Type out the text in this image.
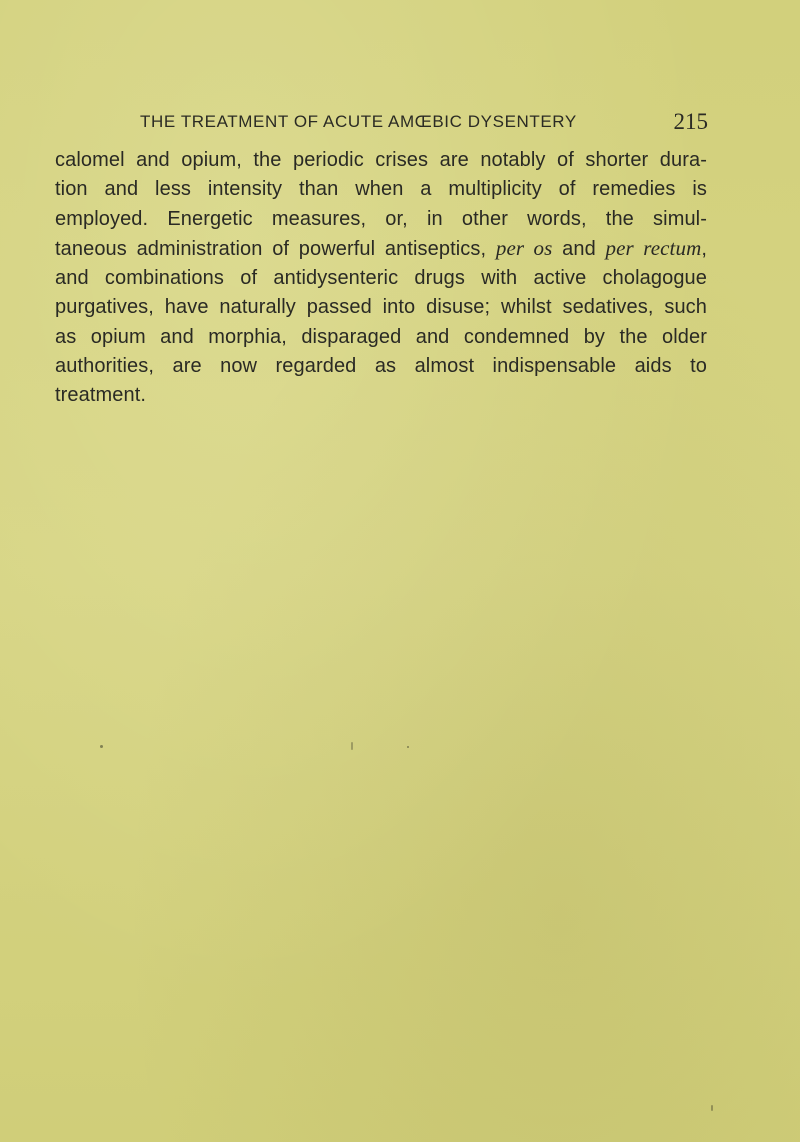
THE TREATMENT OF ACUTE AMŒBIC DYSENTERY	215

calomel and opium, the periodic crises are notably of shorter dura-
tion and less intensity than when a multiplicity of remedies is
employed. Energetic measures, or, in other words, the simul-
taneous administration of powerful antiseptics, per os and per rectum,
and combinations of antidysenteric drugs with active cholagogue
purgatives, have naturally passed into disuse; whilst sedatives, such
as opium and morphia, disparaged and condemned by the older
authorities, are now regarded as almost indispensable aids to
treatment.
